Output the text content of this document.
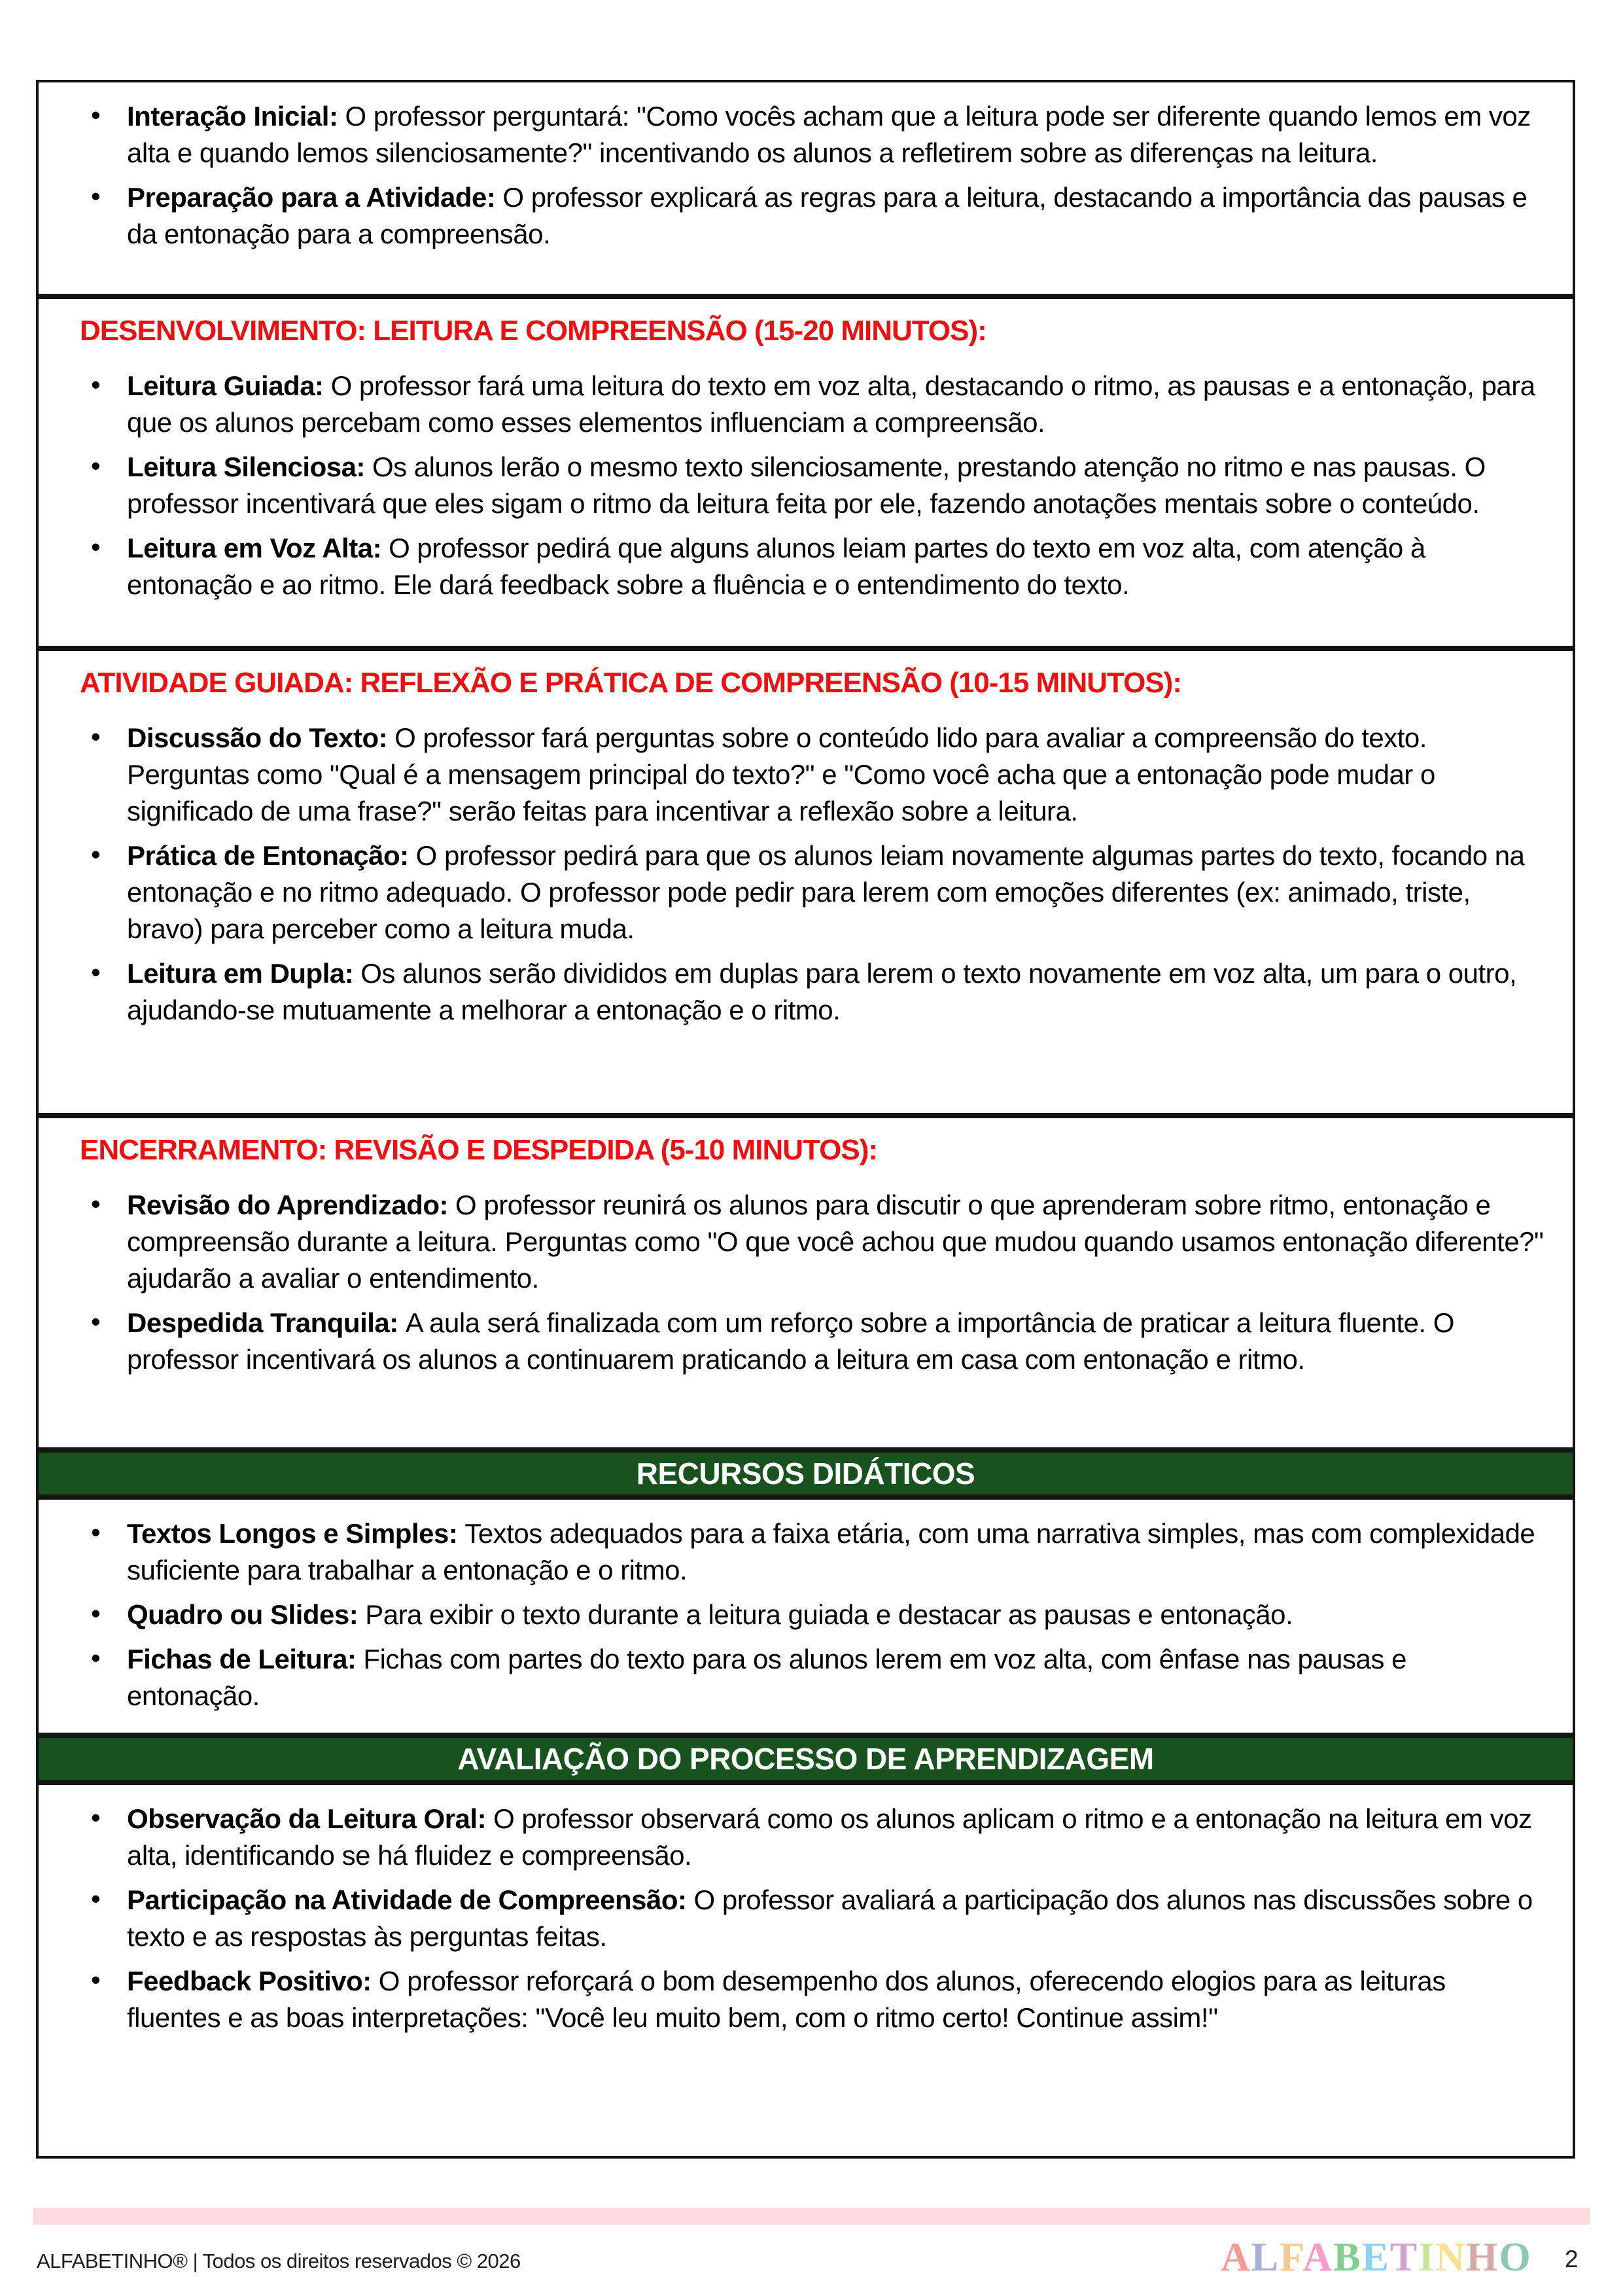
• Interação Inicial: O professor perguntará: "Como vocês acham que a leitura pode ser diferente quando lemos em voz alta e quando lemos silenciosamente?" incentivando os alunos a refletirem sobre as diferenças na leitura.
• Preparação para a Atividade: O professor explicará as regras para a leitura, destacando a importância das pausas e da entonação para a compreensão.
DESENVOLVIMENTO: LEITURA E COMPREENSÃO (15-20 MINUTOS):
• Leitura Guiada: O professor fará uma leitura do texto em voz alta, destacando o ritmo, as pausas e a entonação, para que os alunos percebam como esses elementos influenciam a compreensão.
• Leitura Silenciosa: Os alunos lerão o mesmo texto silenciosamente, prestando atenção no ritmo e nas pausas. O professor incentivará que eles sigam o ritmo da leitura feita por ele, fazendo anotações mentais sobre o conteúdo.
• Leitura em Voz Alta: O professor pedirá que alguns alunos leiam partes do texto em voz alta, com atenção à entonação e ao ritmo. Ele dará feedback sobre a fluência e o entendimento do texto.
ATIVIDADE GUIADA: REFLEXÃO E PRÁTICA DE COMPREENSÃO (10-15 MINUTOS):
• Discussão do Texto: O professor fará perguntas sobre o conteúdo lido para avaliar a compreensão do texto. Perguntas como "Qual é a mensagem principal do texto?" e "Como você acha que a entonação pode mudar o significado de uma frase?" serão feitas para incentivar a reflexão sobre a leitura.
• Prática de Entonação: O professor pedirá para que os alunos leiam novamente algumas partes do texto, focando na entonação e no ritmo adequado. O professor pode pedir para lerem com emoções diferentes (ex: animado, triste, bravo) para perceber como a leitura muda.
• Leitura em Dupla: Os alunos serão divididos em duplas para lerem o texto novamente em voz alta, um para o outro, ajudando-se mutuamente a melhorar a entonação e o ritmo.
ENCERRAMENTO: REVISÃO E DESPEDIDA (5-10 MINUTOS):
• Revisão do Aprendizado: O professor reunirá os alunos para discutir o que aprenderam sobre ritmo, entonação e compreensão durante a leitura. Perguntas como "O que você achou que mudou quando usamos entonação diferente?" ajudarão a avaliar o entendimento.
• Despedida Tranquila: A aula será finalizada com um reforço sobre a importância de praticar a leitura fluente. O professor incentivará os alunos a continuarem praticando a leitura em casa com entonação e ritmo.
RECURSOS DIDÁTICOS
• Textos Longos e Simples: Textos adequados para a faixa etária, com uma narrativa simples, mas com complexidade suficiente para trabalhar a entonação e o ritmo.
• Quadro ou Slides: Para exibir o texto durante a leitura guiada e destacar as pausas e entonação.
• Fichas de Leitura: Fichas com partes do texto para os alunos lerem em voz alta, com ênfase nas pausas e entonação.
AVALIAÇÃO DO PROCESSO DE APRENDIZAGEM
• Observação da Leitura Oral: O professor observará como os alunos aplicam o ritmo e a entonação na leitura em voz alta, identificando se há fluidez e compreensão.
• Participação na Atividade de Compreensão: O professor avaliará a participação dos alunos nas discussões sobre o texto e as respostas às perguntas feitas.
• Feedback Positivo: O professor reforçará o bom desempenho dos alunos, oferecendo elogios para as leituras fluentes e as boas interpretações: "Você leu muito bem, com o ritmo certo! Continue assim!"
ALFABETINHO® | Todos os direitos reservados © 2026	ALFABETINHO 2
